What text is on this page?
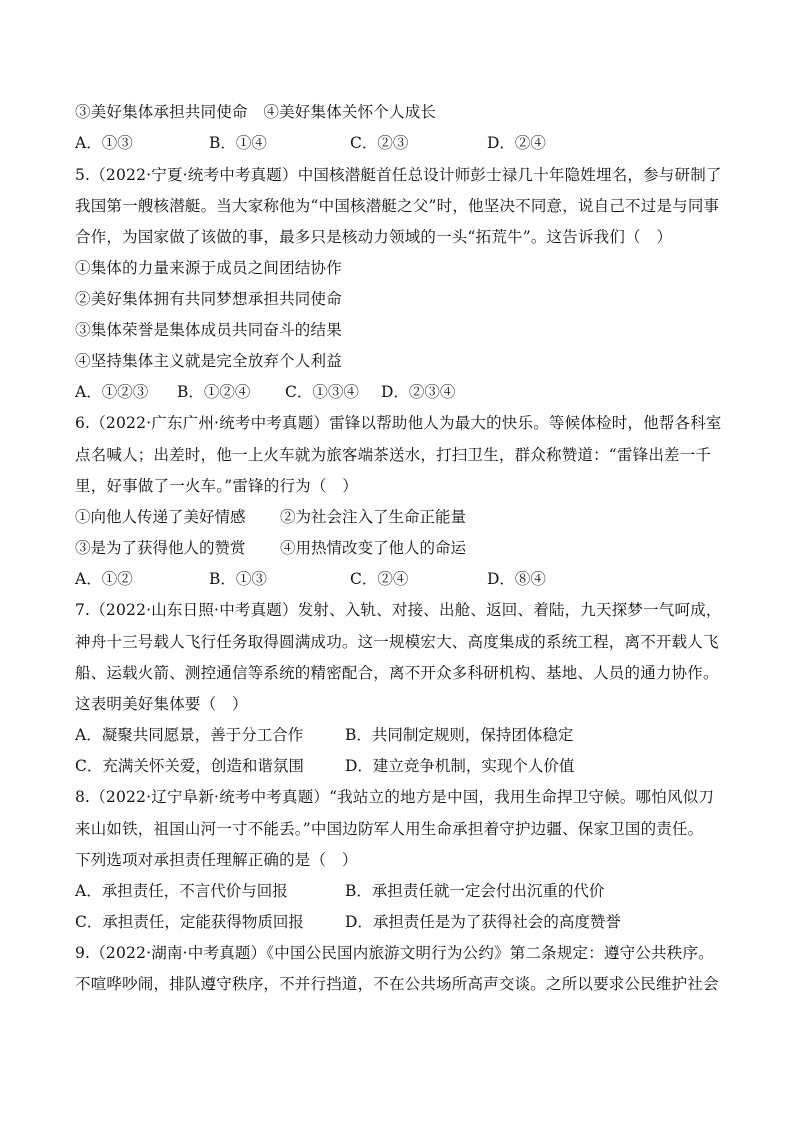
③美好集体承担共同使命　④美好集体关怀个人成长
A．①③	B．①④	C．②③	D．②④
5.（2022·宁夏·统考中考真题）中国核潜艇首任总设计师彭士禄几十年隐姓埋名，参与研制了
我国第一艘核潜艇。当大家称他为“中国核潜艇之父”时，他坚决不同意，说自己不过是与同事
合作，为国家做了该做的事，最多只是核动力领域的一头“拓荒牛”。这告诉我们（　）
①集体的力量来源于成员之间团结协作
②美好集体拥有共同梦想承担共同使命
③集体荣誉是集体成员共同奋斗的结果
④坚持集体主义就是完全放弃个人利益
A．①②③ B．①②④ C．①③④ D．②③④
6.（2022·广东广州·统考中考真题）雷锋以帮助他人为最大的快乐。等候体检时，他帮各科室
点名喊人；出差时，他一上火车就为旅客端茶送水，打扫卫生，群众称赞道：“雷锋出差一千
里，好事做了一火车。”雷锋的行为（　）
①向他人传递了美好情感 ②为社会注入了生命正能量
③是为了获得他人的赞赏 ④用热情改变了他人的命运
A．①②	B．①③	C．②④	D．⑧④
7.（2022·山东日照·中考真题）发射、入轨、对接、出舱、返回、着陆，九天探梦一气呵成，
神舟十三号载人飞行任务取得圆满成功。这一规模宏大、高度集成的系统工程，离不开载人飞
船、运载火箭、测控通信等系统的精密配合，离不开众多科研机构、基地、人员的通力协作。
这表明美好集体要（　）
A．凝聚共同愿景，善于分工合作	B．共同制定规则，保持团体稳定
C．充满关怀关爱，创造和谐氛围	D．建立竞争机制，实现个人价值
8.（2022·辽宁阜新·统考中考真题）“我站立的地方是中国，我用生命捍卫守候。哪怕风似刀
来山如铁，祖国山河一寸不能丢。”中国边防军人用生命承担着守护边疆、保家卫国的责任。
下列选项对承担责任理解正确的是（　）
A．承担责任，不言代价与回报	B．承担责任就一定会付出沉重的代价
C．承担责任，定能获得物质回报	D．承担责任是为了获得社会的高度赞誉
9.（2022·湖南·中考真题）《中国公民国内旅游文明行为公约》第二条规定：遵守公共秩序。
不喧哗吵闹，排队遵守秩序，不并行挡道，不在公共场所高声交谈。之所以要求公民维护社会
